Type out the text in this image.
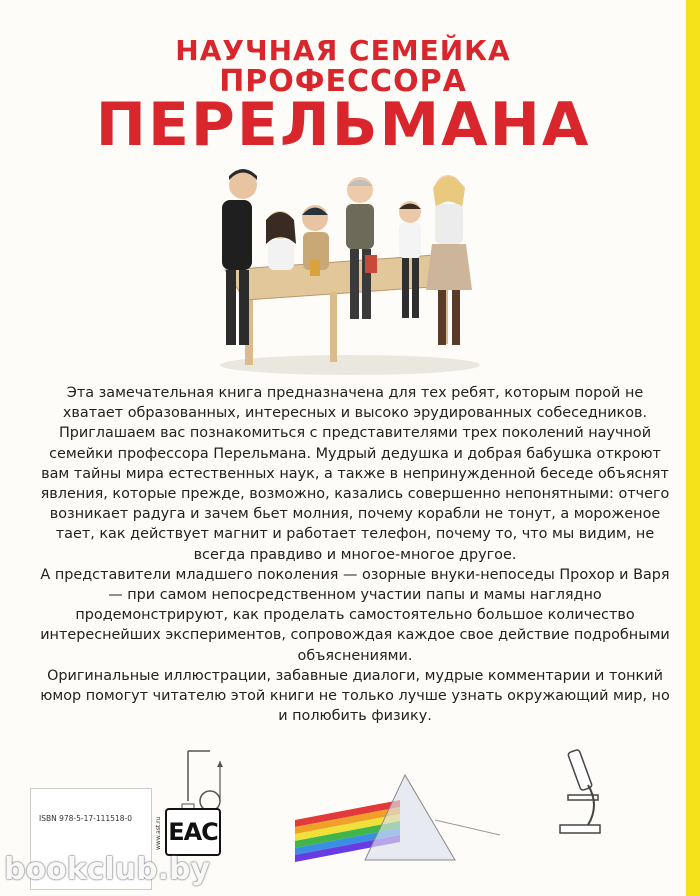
НАУЧНАЯ СЕМЕЙКА
ПРОФЕССОРА
ПЕРЕЛЬМАНА

Эта замечательная книга предназначена для тех ребят, которым порой не хватает образованных, интересных и высоко эрудированных собеседников. Приглашаем вас познакомиться с представителями трех поколений научной семейки профессора Перельмана. Мудрый дедушка и добрая бабушка откроют вам тайны мира естественных наук, а также в непринужденной беседе объяснят явления, которые прежде, возможно, казались совершенно непонятными: отчего возникает радуга и зачем бьет молния, почему корабли не тонут, а мороженое тает, как действует магнит и работает телефон, почему то, что мы видим, не всегда правдиво и многое-многое другое.

А представители младшего поколения — озорные внуки-непоседы Прохор и Варя — при самом непосредственном участии папы и мамы наглядно продемонстрируют, как проделать самостоятельно большое количество интереснейших экспериментов, сопровождая каждое свое действие подробными объяснениями.

Оригинальные иллюстрации, забавные диалоги, мудрые комментарии и тонкий юмор помогут читателю этой книги не только лучше узнать окружающий мир, но и полюбить физику.

ISBN 978-5-17-111518-0	www.ast.ru EAC
bookclub.by
